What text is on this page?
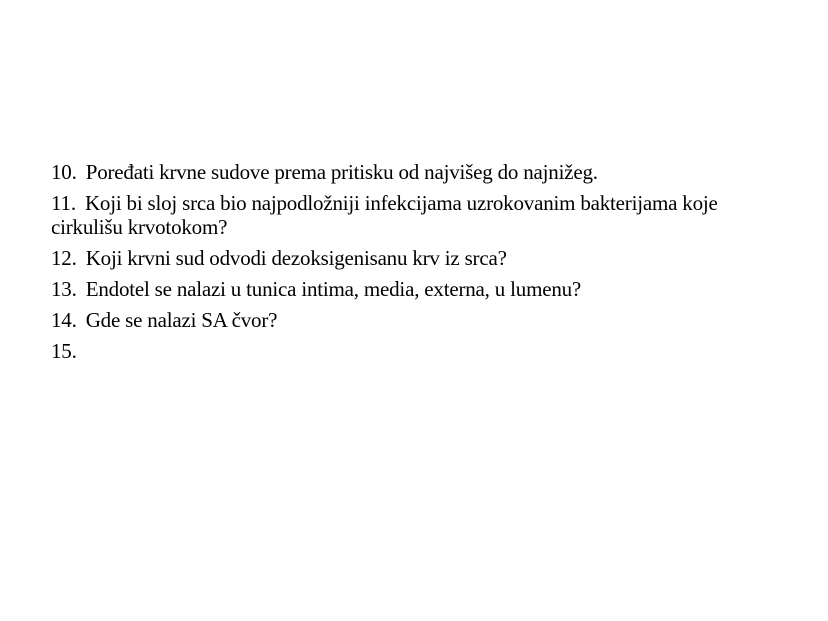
10. Poređati krvne sudove prema pritisku od najvišeg do najnižeg.
11. Koji bi sloj srca bio najpodložniji infekcijama uzrokovanim bakterijama koje cirkulišu krvotokom?
12. Koji krvni sud odvodi dezoksigenisanu krv iz srca?
13. Endotel se nalazi u tunica intima, media, externa, u lumenu?
14. Gde se nalazi SA čvor?
15.
